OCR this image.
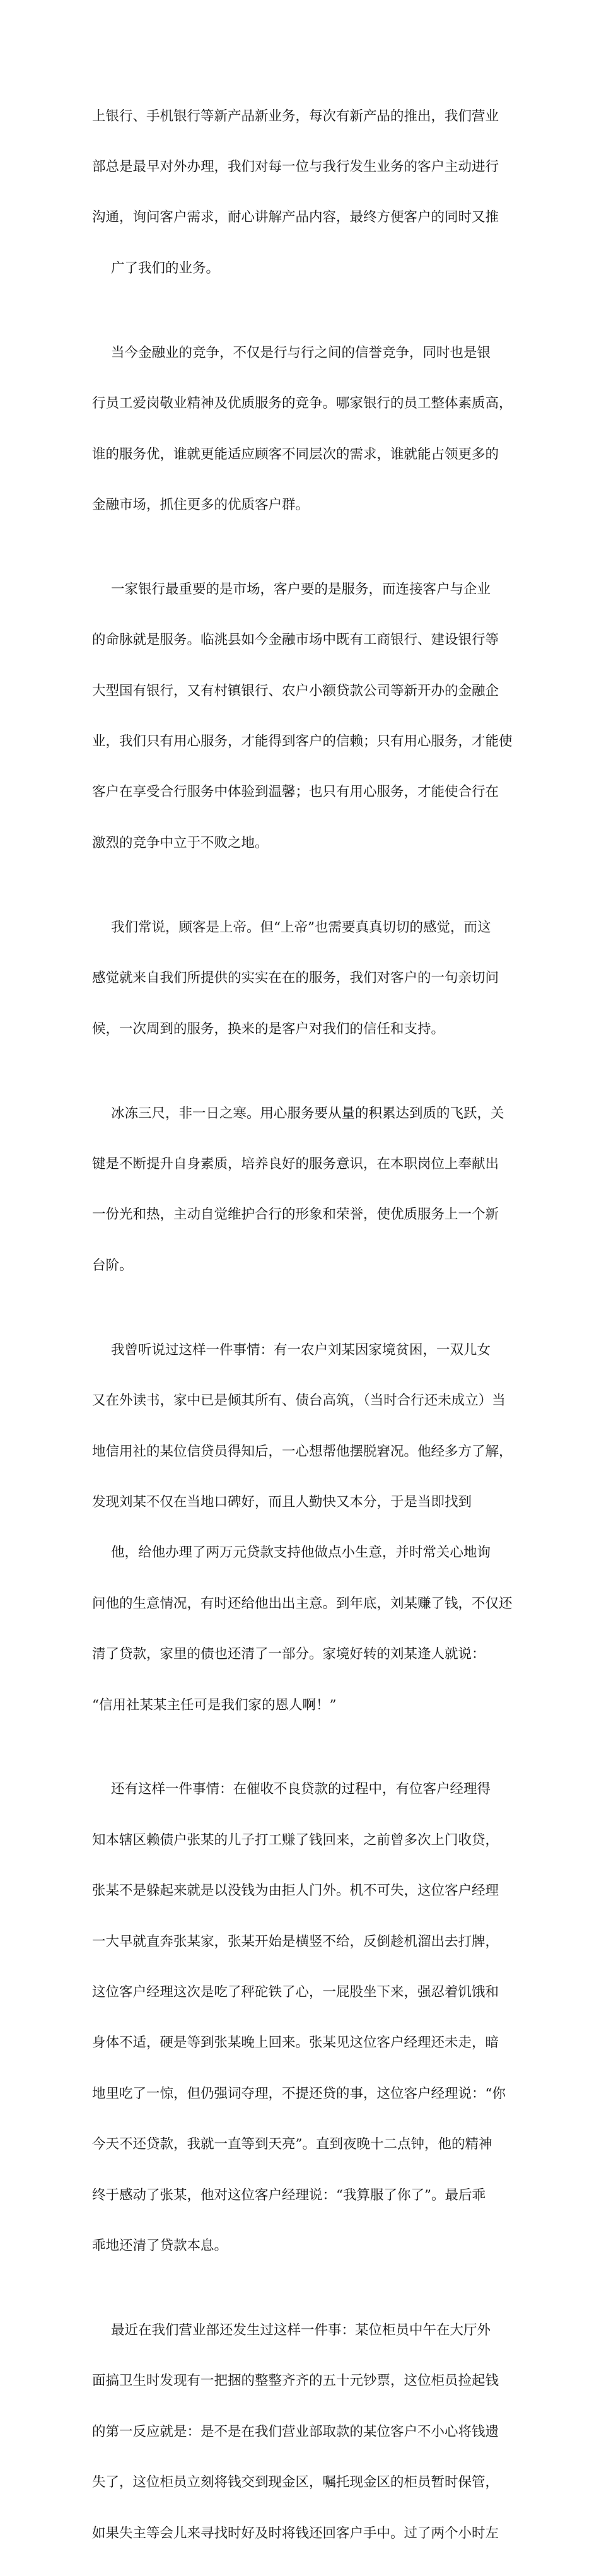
上银行、手机银行等新产品新业务，每次有新产品的推出，我们营业

部总是最早对外办理，我们对每一位与我行发生业务的客户主动进行

沟通，询问客户需求，耐心讲解产品内容，最终方便客户的同时又推

广了我们的业务。

当今金融业的竞争，不仅是行与行之间的信誉竞争，同时也是银

行员工爱岗敬业精神及优质服务的竞争。哪家银行的员工整体素质高，

谁的服务优，谁就更能适应顾客不同层次的需求，谁就能占领更多的

金融市场，抓住更多的优质客户群。

一家银行最重要的是市场，客户要的是服务，而连接客户与企业

的命脉就是服务。临洮县如今金融市场中既有工商银行、建设银行等

大型国有银行，又有村镇银行、农户小额贷款公司等新开办的金融企

业，我们只有用心服务，才能得到客户的信赖；只有用心服务，才能使

客户在享受合行服务中体验到温馨；也只有用心服务，才能使合行在

激烈的竞争中立于不败之地。

我们常说，顾客是上帝。但“上帝”也需要真真切切的感觉，而这

感觉就来自我们所提供的实实在在的服务，我们对客户的一句亲切问

候，一次周到的服务，换来的是客户对我们的信任和支持。

冰冻三尺，非一日之寒。用心服务要从量的积累达到质的飞跃，关

键是不断提升自身素质，培养良好的服务意识，在本职岗位上奉献出

一份光和热，主动自觉维护合行的形象和荣誉，使优质服务上一个新

台阶。

我曾听说过这样一件事情：有一农户刘某因家境贫困，一双儿女

又在外读书，家中已是倾其所有、债台高筑，（当时合行还未成立）当

地信用社的某位信贷员得知后，一心想帮他摆脱窘况。他经多方了解，

发现刘某不仅在当地口碑好，而且人勤快又本分，于是当即找到

他，给他办理了两万元贷款支持他做点小生意，并时常关心地询

问他的生意情况，有时还给他出出主意。到年底，刘某赚了钱，不仅还

清了贷款，家里的债也还清了一部分。家境好转的刘某逢人就说：

“信用社某某主任可是我们家的恩人啊！”

还有这样一件事情：在催收不良贷款的过程中，有位客户经理得

知本辖区赖债户张某的儿子打工赚了钱回来，之前曾多次上门收贷，

张某不是躲起来就是以没钱为由拒人门外。机不可失，这位客户经理

一大早就直奔张某家，张某开始是横竖不给，反倒趁机溜出去打牌，

这位客户经理这次是吃了秤砣铁了心，一屁股坐下来，强忍着饥饿和

身体不适，硬是等到张某晚上回来。张某见这位客户经理还未走，暗

地里吃了一惊，但仍强词夺理，不提还贷的事，这位客户经理说：“你

今天不还贷款，我就一直等到天亮”。直到夜晚十二点钟，他的精神

终于感动了张某，他对这位客户经理说：“我算服了你了”。最后乖

乖地还清了贷款本息。

最近在我们营业部还发生过这样一件事：某位柜员中午在大厅外

面搞卫生时发现有一把捆的整整齐齐的五十元钞票，这位柜员捡起钱

的第一反应就是：是不是在我们营业部取款的某位客户不小心将钱遗

失了，这位柜员立刻将钱交到现金区，嘱托现金区的柜员暂时保管，

如果失主等会儿来寻找时好及时将钱还回客户手中。过了两个小时左
